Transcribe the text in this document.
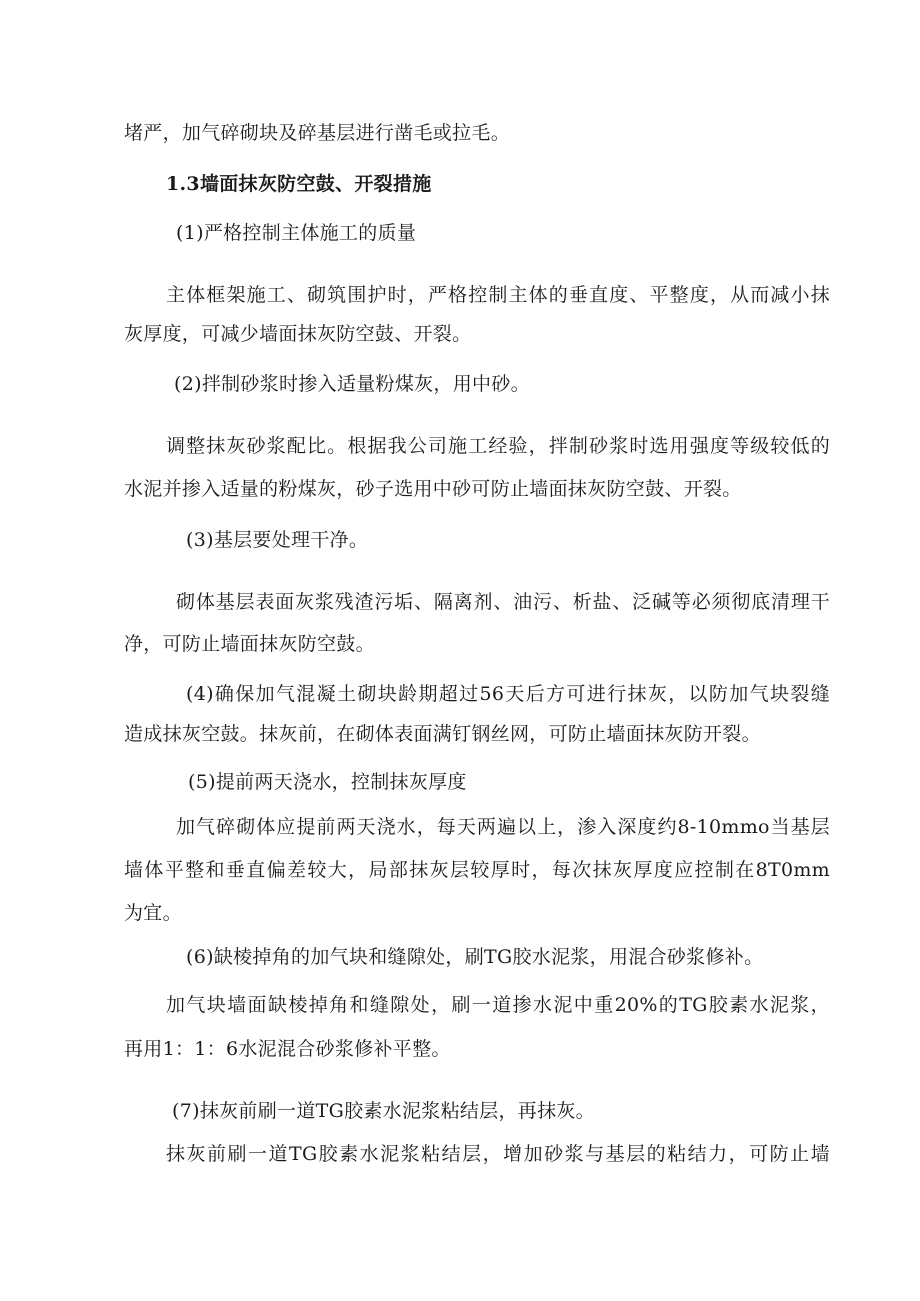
堵严，加气碎砌块及碎基层进行凿毛或拉毛。
1.3墙面抹灰防空鼓、开裂措施
(1)严格控制主体施工的质量
主体框架施工、砌筑围护时，严格控制主体的垂直度、平整度，从而减小抹
灰厚度，可减少墙面抹灰防空鼓、开裂。
(2)拌制砂浆时掺入适量粉煤灰，用中砂。
调整抹灰砂浆配比。根据我公司施工经验，拌制砂浆时选用强度等级较低的
水泥并掺入适量的粉煤灰，砂子选用中砂可防止墙面抹灰防空鼓、开裂。
(3)基层要处理干净。
砌体基层表面灰浆残渣污垢、隔离剂、油污、析盐、泛碱等必须彻底清理干
净，可防止墙面抹灰防空鼓。
(4)确保加气混凝土砌块龄期超过56天后方可进行抹灰，以防加气块裂缝
造成抹灰空鼓。抹灰前，在砌体表面满钉钢丝网，可防止墙面抹灰防开裂。
(5)提前两天浇水，控制抹灰厚度
加气碎砌体应提前两天浇水，每天两遍以上，渗入深度约8-10mmo当基层
墙体平整和垂直偏差较大，局部抹灰层较厚时，每次抹灰厚度应控制在8T0mm
为宜。
(6)缺棱掉角的加气块和缝隙处，刷TG胶水泥浆，用混合砂浆修补。
加气块墙面缺棱掉角和缝隙处，刷一道掺水泥中重20%的TG胶素水泥浆，
再用1：1：6水泥混合砂浆修补平整。
(7)抹灰前刷一道TG胶素水泥浆粘结层，再抹灰。
抹灰前刷一道TG胶素水泥浆粘结层，增加砂浆与基层的粘结力，可防止墙
